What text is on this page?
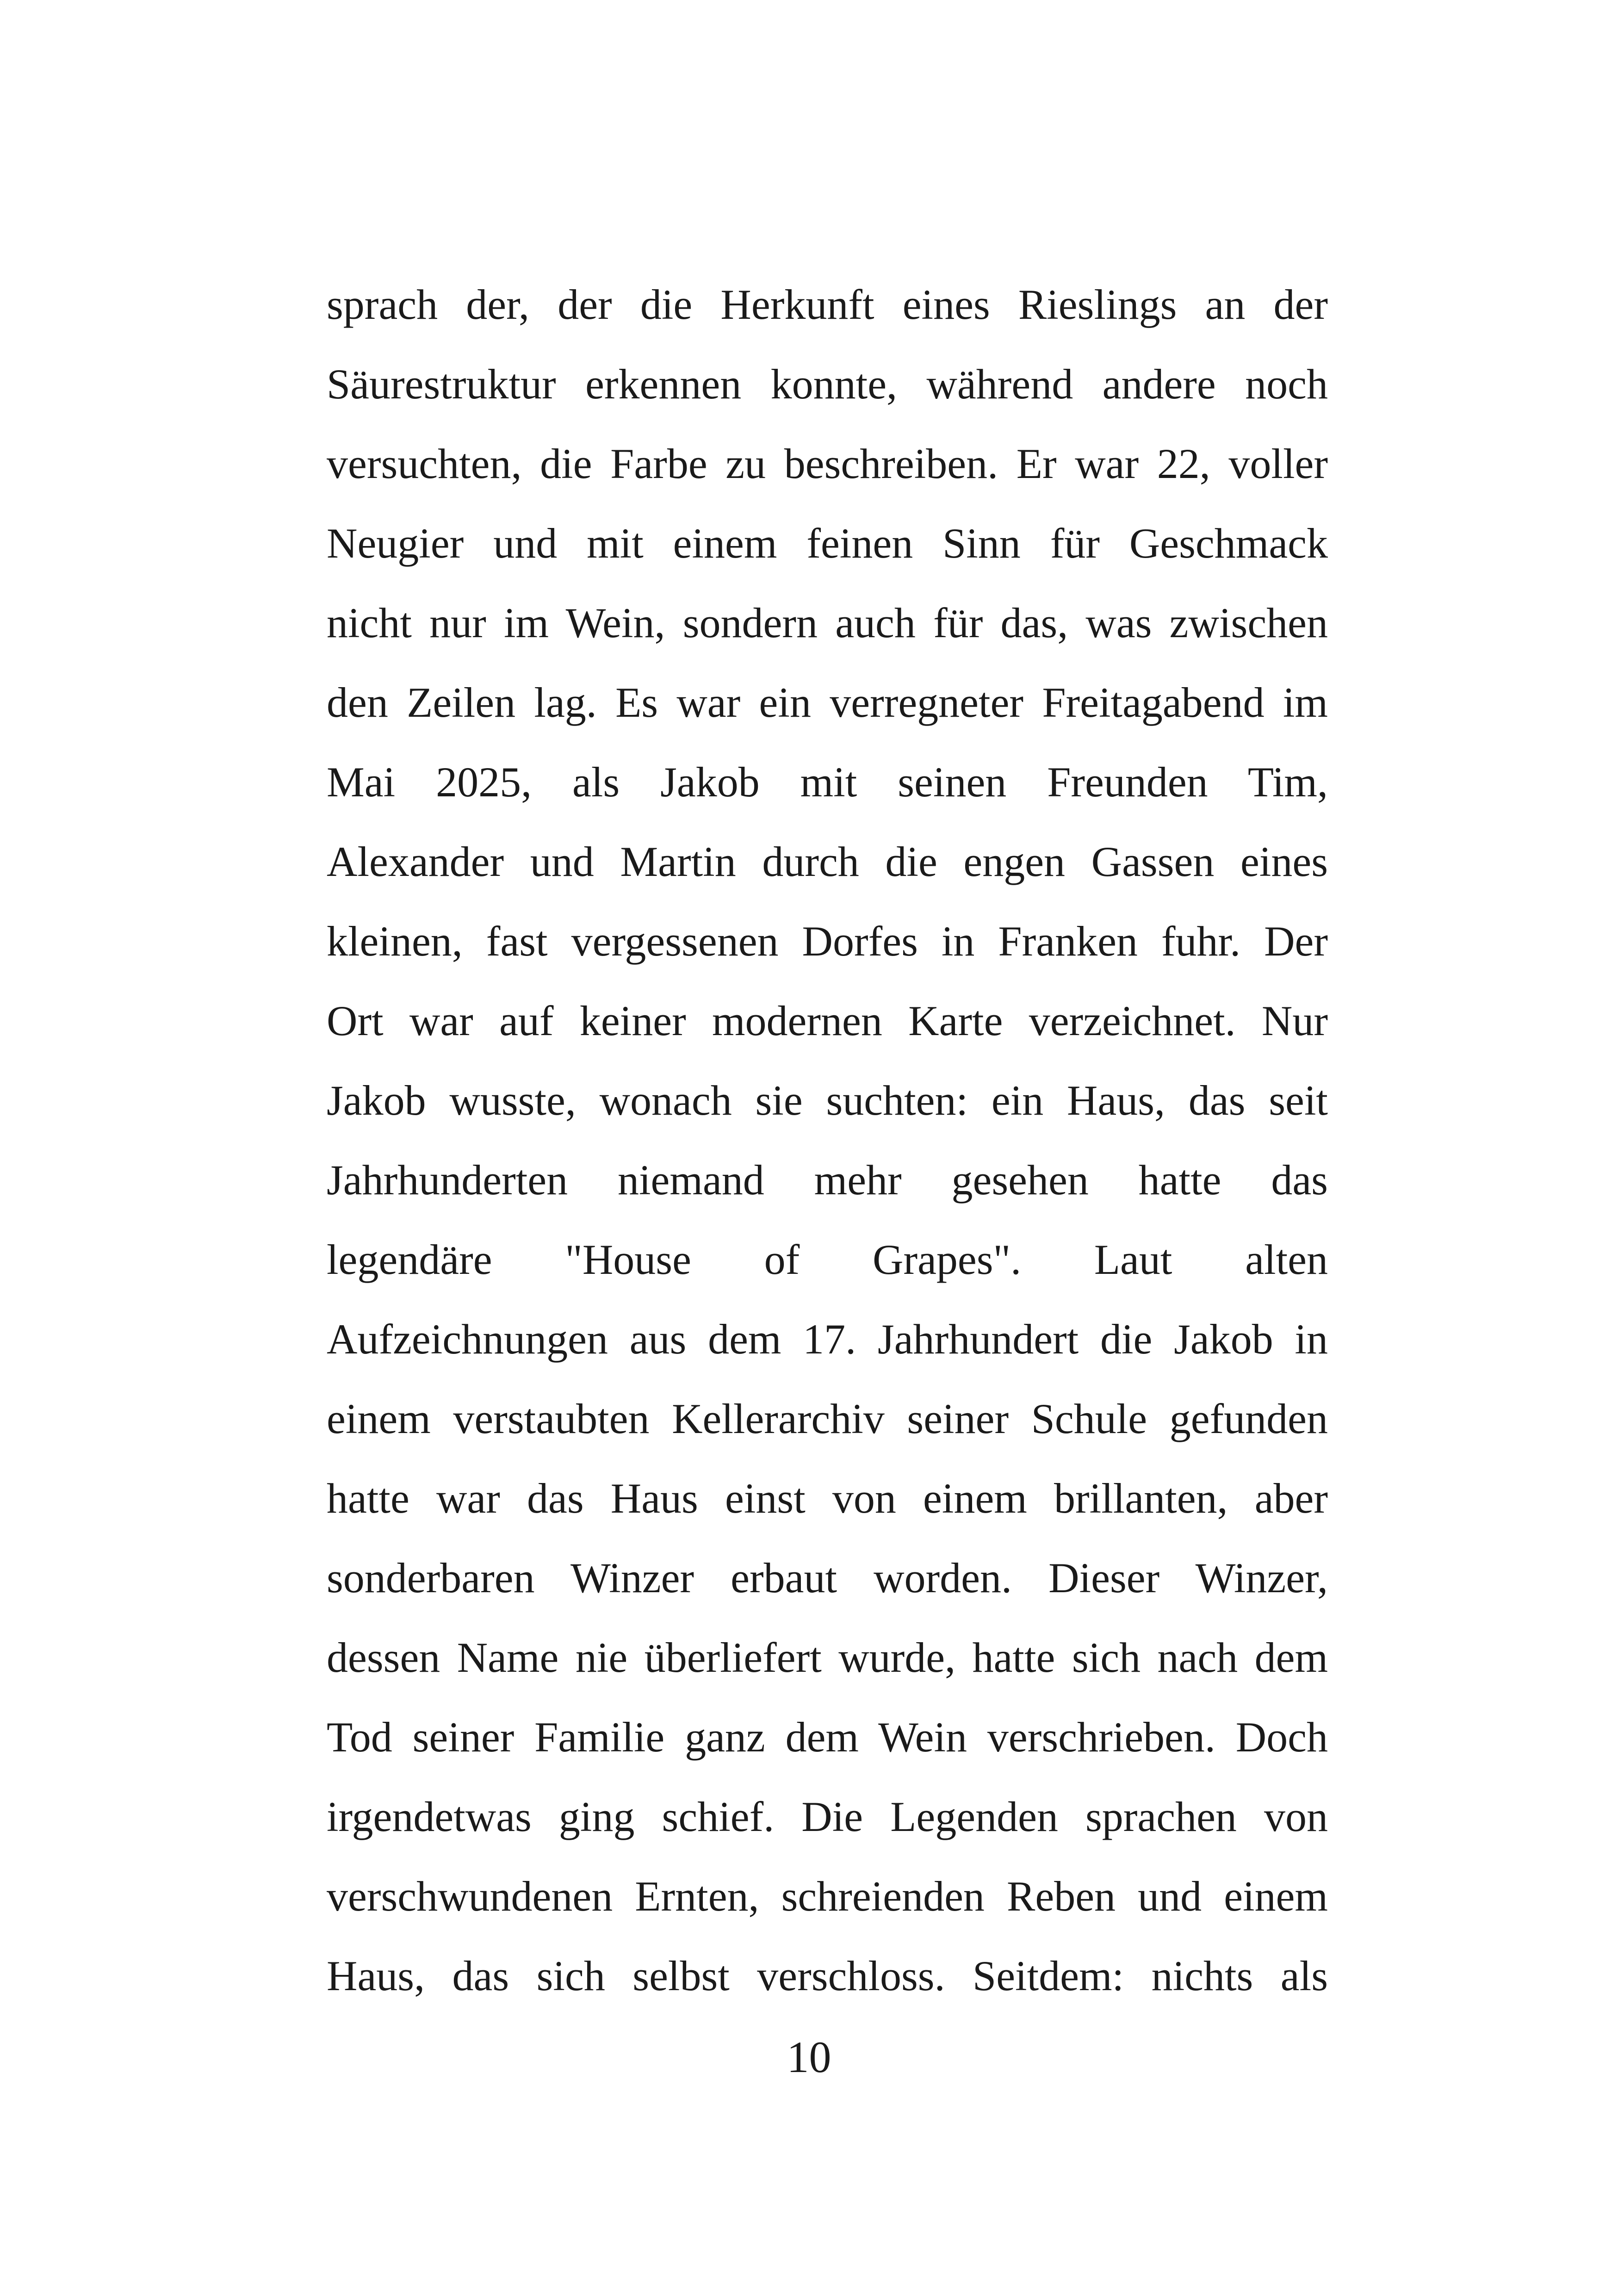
sprach der, der die Herkunft eines Rieslings an der
Säurestruktur erkennen konnte, während andere noch
versuchten, die Farbe zu beschreiben. Er war 22, voller
Neugier und mit einem feinen Sinn für Geschmack
nicht nur im Wein, sondern auch für das, was zwischen
den Zeilen lag. Es war ein verregneter Freitagabend im
Mai 2025, als Jakob mit seinen Freunden Tim,
Alexander und Martin durch die engen Gassen eines
kleinen, fast vergessenen Dorfes in Franken fuhr. Der
Ort war auf keiner modernen Karte verzeichnet. Nur
Jakob wusste, wonach sie suchten: ein Haus, das seit
Jahrhunderten niemand mehr gesehen hatte das
legendäre "House of Grapes". Laut alten
Aufzeichnungen aus dem 17. Jahrhundert die Jakob in
einem verstaubten Kellerarchiv seiner Schule gefunden
hatte war das Haus einst von einem brillanten, aber
sonderbaren Winzer erbaut worden. Dieser Winzer,
dessen Name nie überliefert wurde, hatte sich nach dem
Tod seiner Familie ganz dem Wein verschrieben. Doch
irgendetwas ging schief. Die Legenden sprachen von
verschwundenen Ernten, schreienden Reben und einem
Haus, das sich selbst verschloss. Seitdem: nichts als
10
